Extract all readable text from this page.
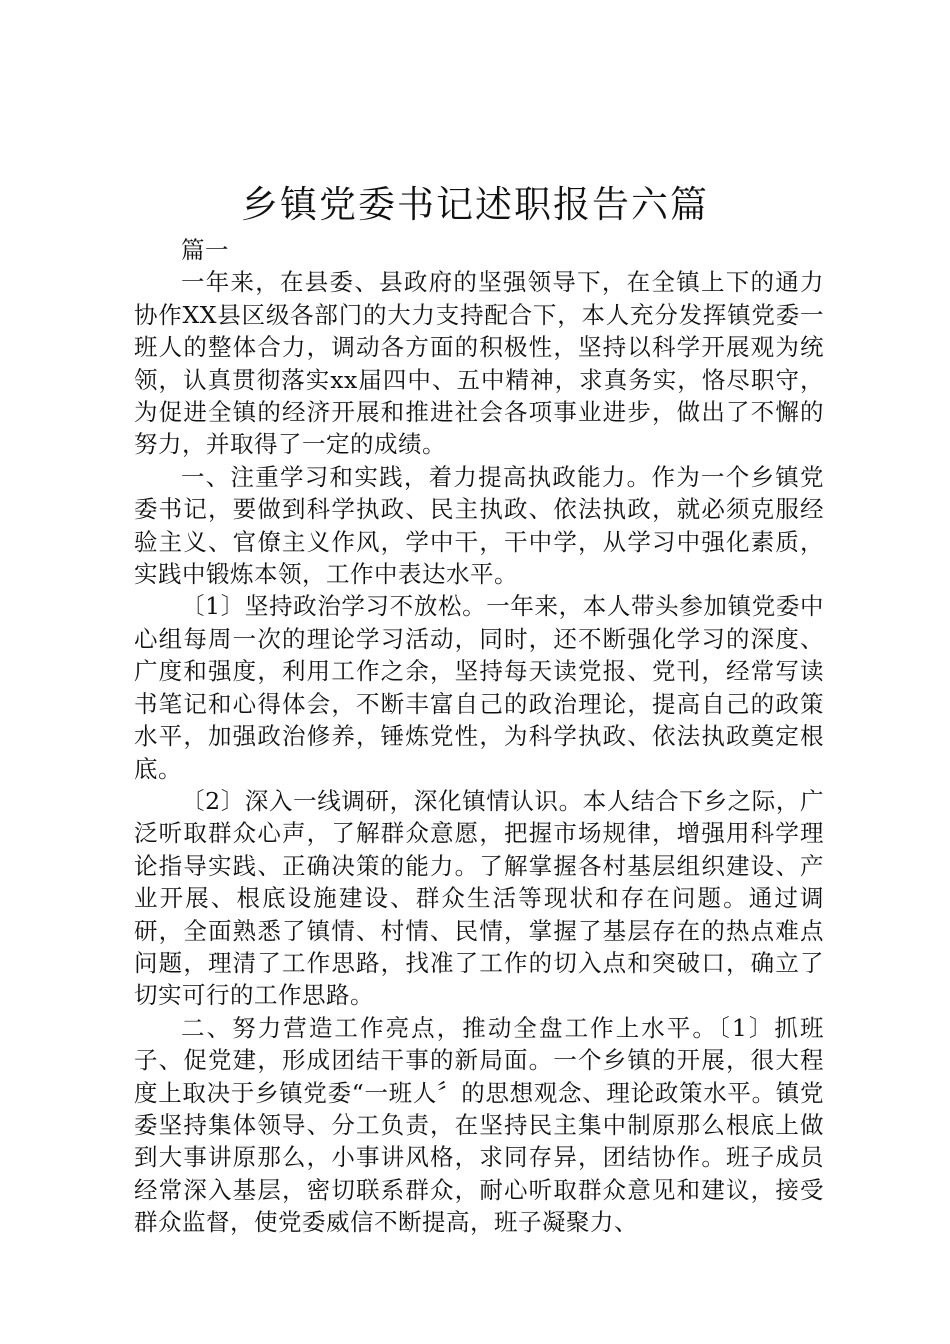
乡镇党委书记述职报告六篇

篇一

一年来，在县委、县政府的坚强领导下，在全镇上下的通力协作XX县区级各部门的大力支持配合下，本人充分发挥镇党委一班人的整体合力，调动各方面的积极性，坚持以科学开展观为统领，认真贯彻落实xx届四中、五中精神，求真务实，恪尽职守，为促进全镇的经济开展和推进社会各项事业进步，做出了不懈的努力，并取得了一定的成绩。

一、注重学习和实践，着力提高执政能力。作为一个乡镇党委书记，要做到科学执政、民主执政、依法执政，就必须克服经验主义、官僚主义作风，学中干，干中学，从学习中强化素质，实践中锻炼本领，工作中表达水平。

〔1〕坚持政治学习不放松。一年来，本人带头参加镇党委中心组每周一次的理论学习活动，同时，还不断强化学习的深度、广度和强度，利用工作之余，坚持每天读党报、党刊，经常写读书笔记和心得体会，不断丰富自己的政治理论，提高自己的政策水平，加强政治修养，锤炼党性，为科学执政、依法执政奠定根底。

〔2〕深入一线调研，深化镇情认识。本人结合下乡之际，广泛听取群众心声，了解群众意愿，把握市场规律，增强用科学理论指导实践、正确决策的能力。了解掌握各村基层组织建设、产业开展、根底设施建设、群众生活等现状和存在问题。通过调研，全面熟悉了镇情、村情、民情，掌握了基层存在的热点难点问题，理清了工作思路，找准了工作的切入点和突破口，确立了切实可行的工作思路。

二、努力营造工作亮点，推动全盘工作上水平。〔1〕抓班子、促党建，形成团结干事的新局面。一个乡镇的开展，很大程度上取决于乡镇党委“一班人〞的思想观念、理论政策水平。镇党委坚持集体领导、分工负责，在坚持民主集中制原那么根底上做到大事讲原那么，小事讲风格，求同存异，团结协作。班子成员经常深入基层，密切联系群众，耐心听取群众意见和建议，接受群众监督，使党委威信不断提高，班子凝聚力、
